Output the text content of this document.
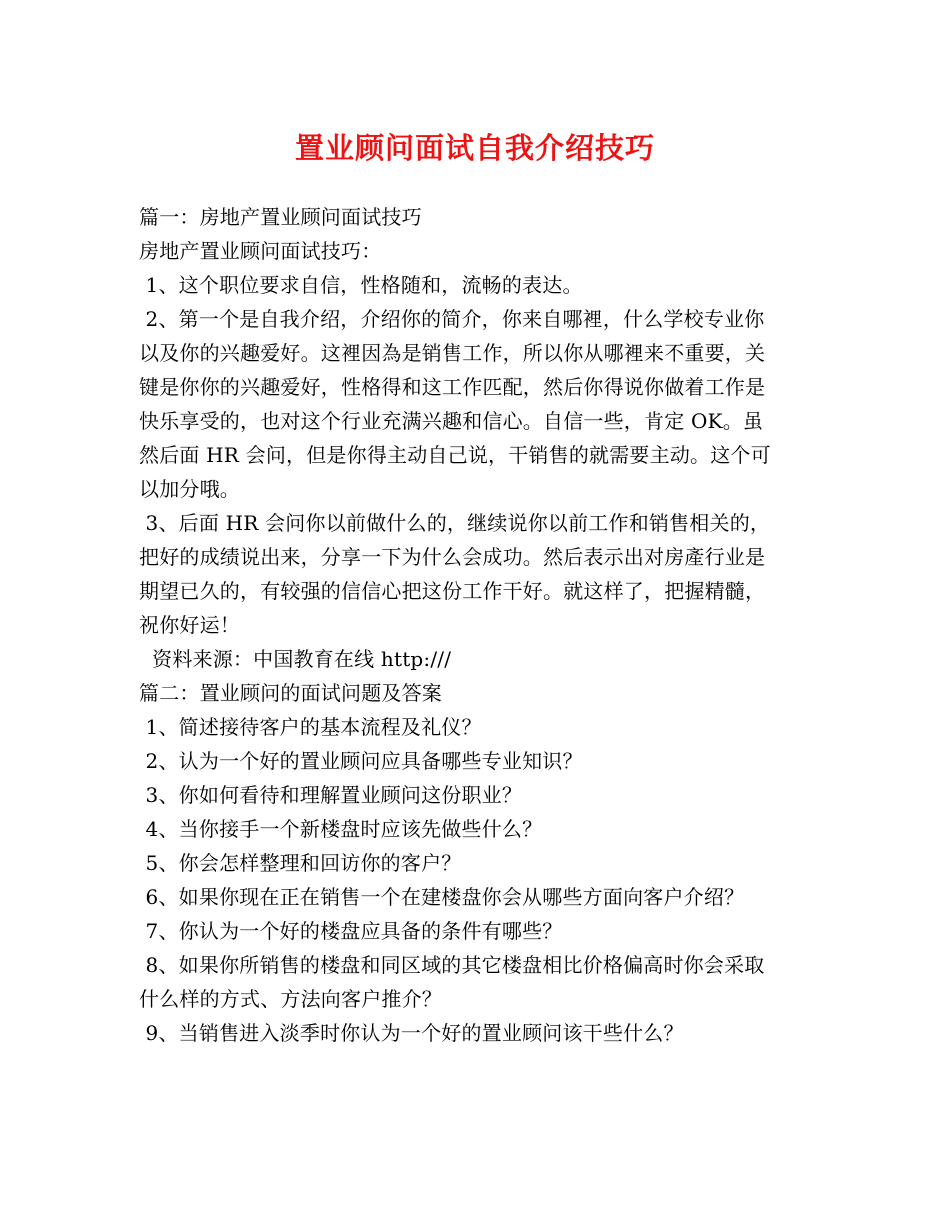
置业顾问面试自我介绍技巧
篇一：房地产置业顾问面试技巧
房地产置业顾问面试技巧：
1、这个职位要求自信，性格随和，流畅的表达。
2、第一个是自我介绍，介绍你的简介，你来自哪裡，什么学校专业你
以及你的兴趣爱好。这裡因為是销售工作，所以你从哪裡来不重要，关
键是你你的兴趣爱好，性格得和这工作匹配，然后你得说你做着工作是
快乐享受的，也对这个行业充满兴趣和信心。自信一些，肯定 OK。虽
然后面 HR 会问，但是你得主动自己说，干销售的就需要主动。这个可
以加分哦。
3、后面 HR 会问你以前做什么的，继续说你以前工作和销售相关的，
把好的成绩说出来，分享一下为什么会成功。然后表示出对房產行业是
期望已久的，有较强的信信心把这份工作干好。就这样了，把握精髓，
祝你好运！
资料来源：中国教育在线 http:///
篇二：置业顾问的面试问题及答案
1、简述接待客户的基本流程及礼仪？
2、认为一个好的置业顾问应具备哪些专业知识？
3、你如何看待和理解置业顾问这份职业？
4、当你接手一个新楼盘时应该先做些什么？
5、你会怎样整理和回访你的客户？
6、如果你现在正在销售一个在建楼盘你会从哪些方面向客户介绍？
7、你认为一个好的楼盘应具备的条件有哪些？
8、如果你所销售的楼盘和同区域的其它楼盘相比价格偏高时你会采取
什么样的方式、方法向客户推介？
9、当销售进入淡季时你认为一个好的置业顾问该干些什么？
